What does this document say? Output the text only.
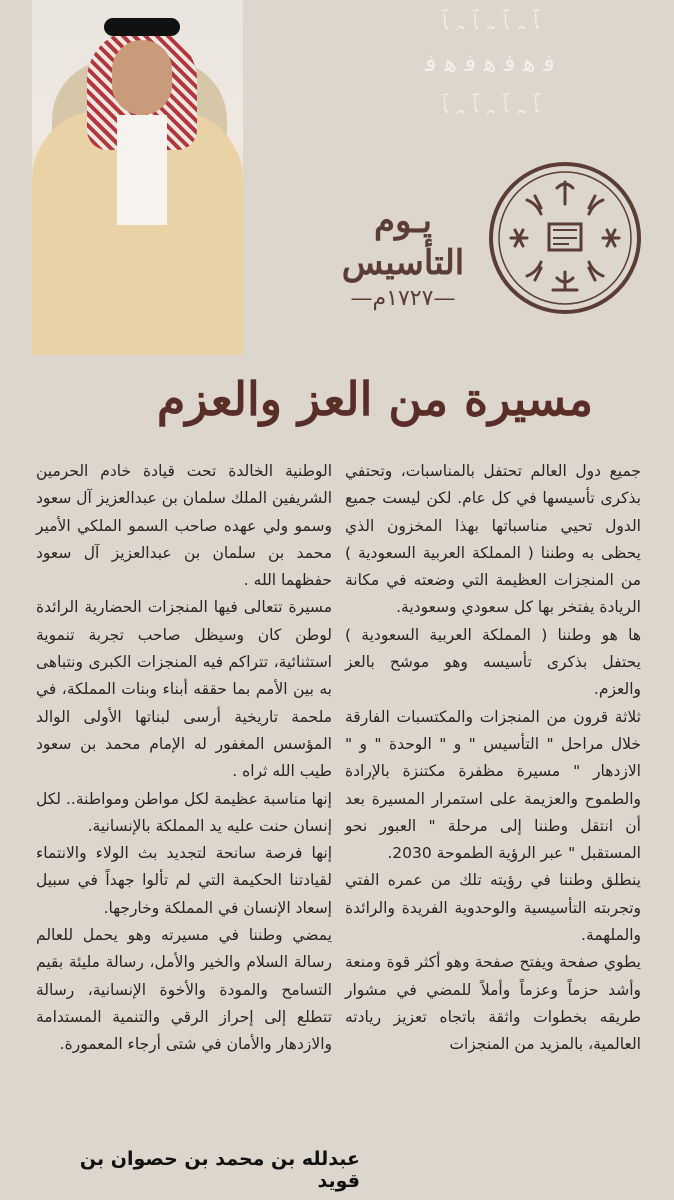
ﭑ ﮧ ﭑ ﮧ ﭑ ﮧ ﭑ
ﻓ ﮬ ﻓ ﮬ ﻓ ﮬ ﻓ
ﭑ ﮧ ﭑ ﮧ ﭑ ﮧ ﭑ
يـوم
التأسيس
—١٧٢٧م—
مسيرة من العز والعزم

جميع دول العالم تحتفل بالمناسبات، وتحتفي بذكرى تأسيسها في كل عام. لكن ليست جميع الدول تحيي مناسباتها بهذا المخزون الذي يحظى به وطننا ( المملكة العربية السعودية ) من المنجزات العظيمة التي وضعته في مكانة الريادة يفتخر بها كل سعودي وسعودية.

ها هو وطننا ( المملكة العربية السعودية ) يحتفل بذكرى تأسيسه وهو موشح بالعز والعزم.

ثلاثة قرون من المنجزات والمكتسبات الفارقة خلال مراحل " التأسيس " و " الوحدة " و " الازدهار " مسيرة مظفرة مكتنزة بالإرادة والطموح والعزيمة على استمرار المسيرة بعد أن انتقل وطننا إلى مرحلة " العبور نحو المستقبل " عبر الرؤية الطموحة 2030.

ينطلق وطننا في رؤيته تلك من عمره الفتي وتجربته التأسيسية والوحدوية الفريدة والرائدة والملهمة.

يطوي صفحة ويفتح صفحة وهو أكثر قوة ومنعة وأشد حزماً وعزماً وأملاً للمضي في مشوار طريقه بخطوات واثقة باتجاه تعزيز ريادته العالمية، بالمزيد من المنجزات

الوطنية الخالدة تحت قيادة خادم الحرمين الشريفين الملك سلمان بن عبدالعزيز آل سعود وسمو ولي عهده صاحب السمو الملكي الأمير محمد بن سلمان بن عبدالعزيز آل سعود حفظهما الله .

مسيرة تتعالى فيها المنجزات الحضارية الرائدة لوطن كان وسيظل صاحب تجربة تنموية استثنائية، تتراكم فيه المنجزات الكبرى ونتباهى به بين الأمم بما حققه أبناء وبنات المملكة، في ملحمة تاريخية أرسى لبناتها الأولى الوالد المؤسس المغفور له الإمام محمد بن سعود طيب الله ثراه .

إنها مناسبة عظيمة لكل مواطن ومواطنة.. لكل إنسان حنت عليه يد المملكة بالإنسانية.

إنها فرصة سانحة لتجديد بث الولاء والانتماء لقيادتنا الحكيمة التي لم تألوا جهداً في سبيل إسعاد الإنسان في المملكة وخارجها.

يمضي وطننا في مسيرته وهو يحمل للعالم رسالة السلام والخير والأمل، رسالة مليئة بقيم التسامح والمودة والأخوة الإنسانية، رسالة تتطلع إلى إحراز الرقي والتنمية المستدامة والازدهار والأمان في شتى أرجاء المعمورة.

عبدلله بن محمد بن حصوان بن قويد
